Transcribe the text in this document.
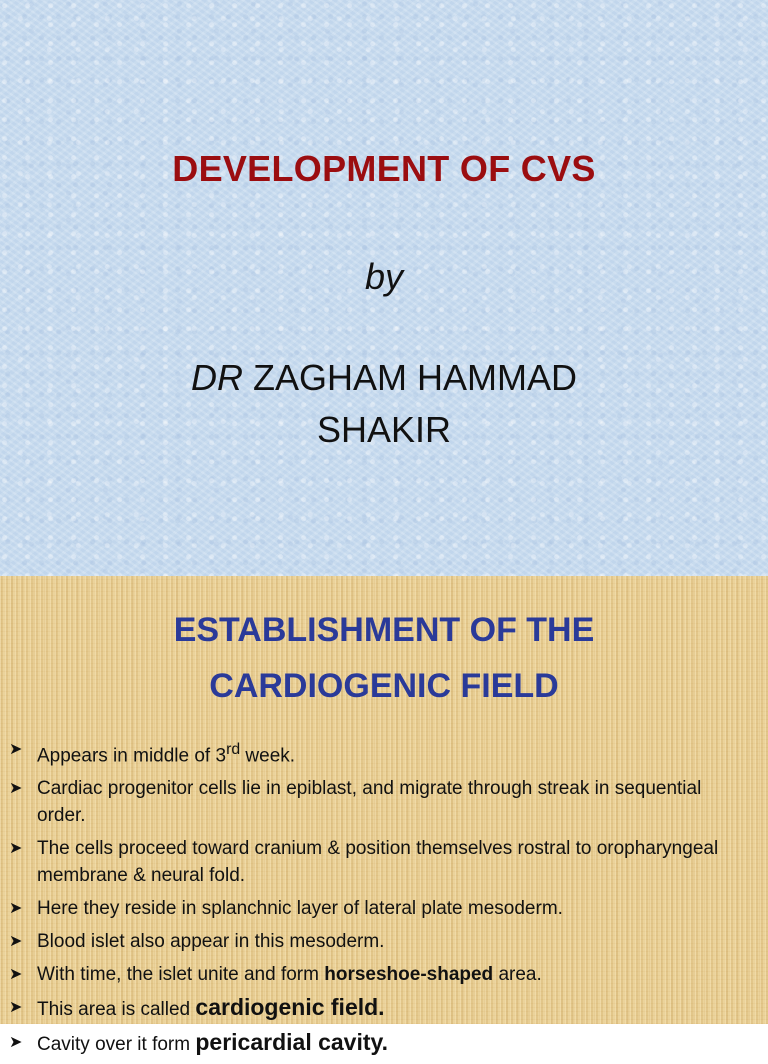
DEVELOPMENT OF CVS
by
DR ZAGHAM HAMMAD
SHAKIR
ESTABLISHMENT OF THE
CARDIOGENIC FIELD
➤ Appears in middle of 3rd week.
➤ Cardiac progenitor cells lie in epiblast, and migrate through streak in sequential order.
➤ The cells proceed toward cranium & position themselves rostral to oropharyngeal membrane & neural fold.
➤ Here they reside in splanchnic layer of lateral plate mesoderm.
➤ Blood islet also appear in this mesoderm.
➤ With time, the islet unite and form horseshoe-shaped area.
➤ This area is called cardiogenic field.
➤ Cavity over it form pericardial cavity.
